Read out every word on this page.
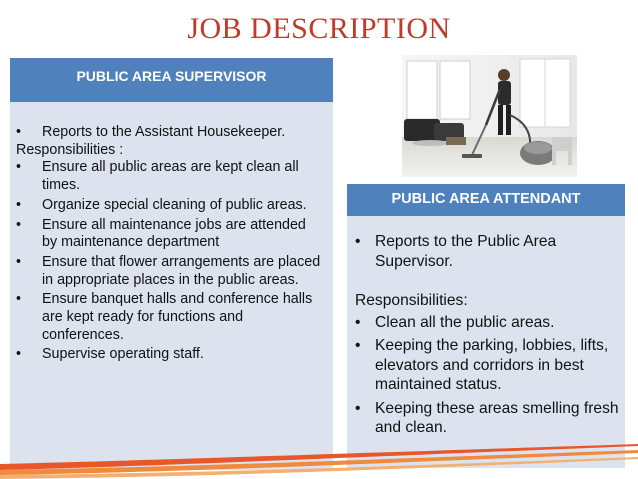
JOB DESCRIPTION
PUBLIC AREA SUPERVISOR
• Reports to the Assistant Housekeeper.
Responsibilities :
• Ensure all public areas are kept clean all times.
• Organize special cleaning of public areas.
• Ensure all maintenance jobs are attended by maintenance department
• Ensure that flower arrangements are placed in appropriate places in the public areas.
• Ensure banquet halls and conference halls are kept ready for functions and conferences.
• Supervise operating staff.
PUBLIC AREA ATTENDANT
• Reports to the Public Area Supervisor.
Responsibilities:
• Clean all the public areas.
• Keeping the parking, lobbies, lifts, elevators and corridors in best maintained status.
• Keeping these areas smelling fresh and clean.
